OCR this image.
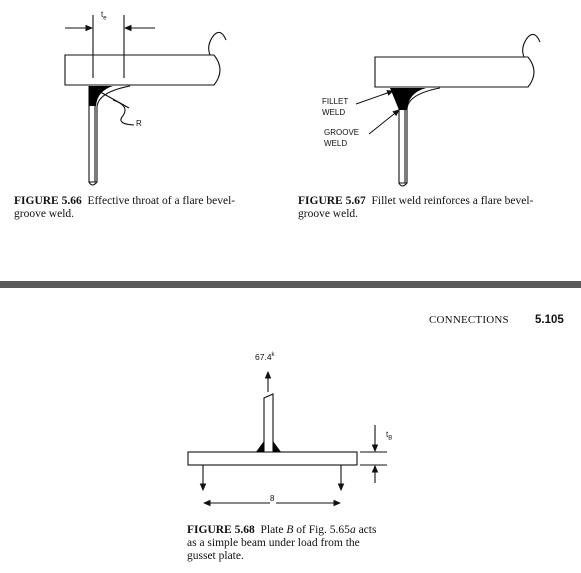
$t_e$
R

FIGURE 5.66 Effective throat of a flare bevel-
groove weld.

FILLET
WELD
GROOVE
WELD

FIGURE 5.67 Fillet weld reinforces a flare bevel-
groove weld.

CONNECTIONS 5.105
67.4$^k$
8
$t_B$

FIGURE 5.68 Plate B of Fig. 5.65a acts
as a simple beam under load from the
gusset plate.
